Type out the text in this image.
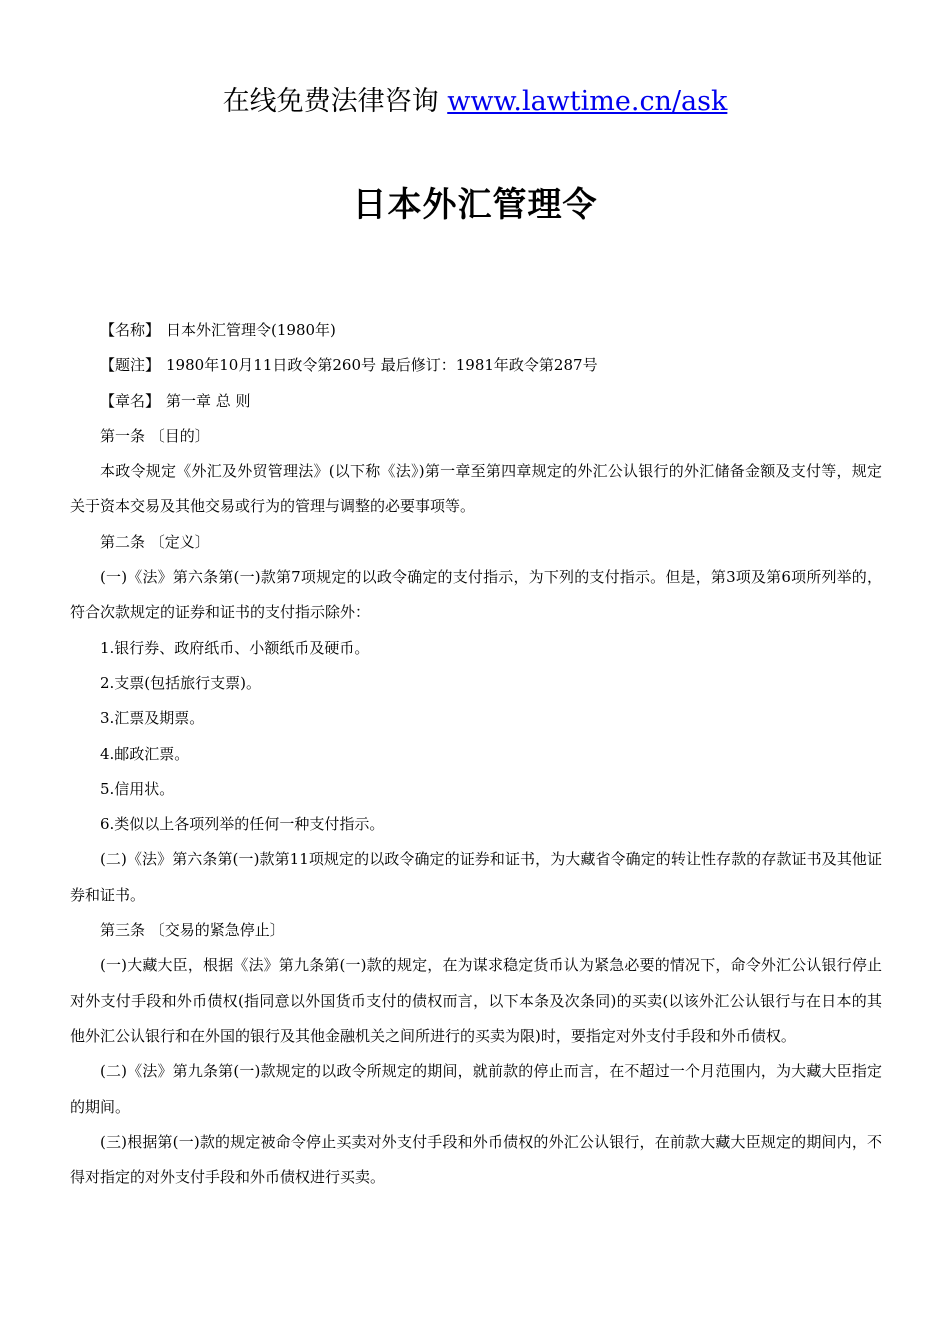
在线免费法律咨询 www.lawtime.cn/ask
日本外汇管理令

【名称】 日本外汇管理令(1980年)

【题注】 1980年10月11日政令第260号 最后修订：1981年政令第287号

【章名】 第一章 总 则

第一条 〔目的〕

本政令规定《外汇及外贸管理法》(以下称《法》)第一章至第四章规定的外汇公认银行的外汇储备金额及支付等，规定关于资本交易及其他交易或行为的管理与调整的必要事项等。

第二条 〔定义〕

(一)《法》第六条第(一)款第7项规定的以政令确定的支付指示，为下列的支付指示。但是，第3项及第6项所列举的，符合次款规定的证券和证书的支付指示除外：

1.银行券、政府纸币、小额纸币及硬币。

2.支票(包括旅行支票)。

3.汇票及期票。

4.邮政汇票。

5.信用状。

6.类似以上各项列举的任何一种支付指示。

(二)《法》第六条第(一)款第11项规定的以政令确定的证券和证书，为大藏省令确定的转让性存款的存款证书及其他证券和证书。

第三条 〔交易的紧急停止〕

(一)大藏大臣，根据《法》第九条第(一)款的规定，在为谋求稳定货币认为紧急必要的情况下，命令外汇公认银行停止对外支付手段和外币债权(指同意以外国货币支付的债权而言，以下本条及次条同)的买卖(以该外汇公认银行与在日本的其他外汇公认银行和在外国的银行及其他金融机关之间所进行的买卖为限)时，要指定对外支付手段和外币债权。

(二)《法》第九条第(一)款规定的以政令所规定的期间，就前款的停止而言，在不超过一个月范围内，为大藏大臣指定的期间。

(三)根据第(一)款的规定被命令停止买卖对外支付手段和外币债权的外汇公认银行，在前款大藏大臣规定的期间内，不得对指定的对外支付手段和外币债权进行买卖。
